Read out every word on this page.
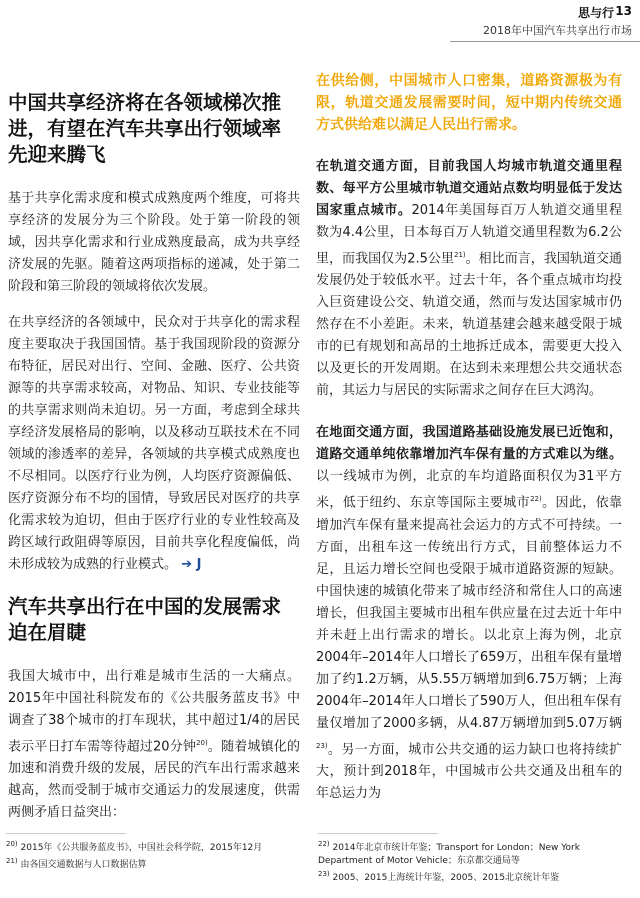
思与行 13
2018年中国汽车共享出行市场
中国共享经济将在各领域梯次推进，有望在汽车共享出行领域率先迎来腾飞

基于共享化需求度和模式成熟度两个维度，可将共享经济的发展分为三个阶段。处于第一阶段的领域，因共享化需求和行业成熟度最高，成为共享经济发展的先驱。随着这两项指标的递减，处于第二阶段和第三阶段的领域将依次发展。

在共享经济的各领域中，民众对于共享化的需求程度主要取决于我国国情。基于我国现阶段的资源分布特征，居民对出行、空间、金融、医疗、公共资源等的共享需求较高，对物品、知识、专业技能等的共享需求则尚未迫切。另一方面，考虑到全球共享经济发展格局的影响，以及移动互联技术在不同领域的渗透率的差异，各领域的共享模式成熟度也不尽相同。以医疗行业为例，人均医疗资源偏低、医疗资源分布不均的国情，导致居民对医疗的共享化需求较为迫切，但由于医疗行业的专业性较高及跨区域行政阻碍等原因，目前共享化程度偏低，尚未形成较为成熟的行业模式。 ➔ J

汽车共享出行在中国的发展需求迫在眉睫

我国大城市中，出行难是城市生活的一大痛点。2015年中国社科院发布的《公共服务蓝皮书》中调查了38个城市的打车现状，其中超过1/4的居民表示平日打车需等待超过20分钟$^{20)}$。随着城镇化的加速和消费升级的发展，居民的汽车出行需求越来越高，然而受制于城市交通运力的发展速度，供需两侧矛盾日益突出：

在供给侧，中国城市人口密集，道路资源极为有限，轨道交通发展需要时间，短中期内传统交通方式供给难以满足人民出行需求。

在轨道交通方面，目前我国人均城市轨道交通里程数、每平方公里城市轨道交通站点数均明显低于发达国家重点城市。2014年美国每百万人轨道交通里程数为4.4公里，日本每百万人轨道交通里程数为6.2公里，而我国仅为2.5公里$^{21)}$。相比而言，我国轨道交通发展仍处于较低水平。过去十年，各个重点城市均投入巨资建设公交、轨道交通，然而与发达国家城市仍然存在不小差距。未来，轨道基建会越来越受限于城市的已有规划和高昂的土地拆迁成本，需要更大投入以及更长的开发周期。在达到未来理想公共交通状态前，其运力与居民的实际需求之间存在巨大鸿沟。

在地面交通方面，我国道路基础设施发展已近饱和，道路交通单纯依靠增加汽车保有量的方式难以为继。以一线城市为例，北京的车均道路面积仅为31平方米，低于纽约、东京等国际主要城市$^{22)}$。因此，依靠增加汽车保有量来提高社会运力的方式不可持续。一方面，出租车这一传统出行方式，目前整体运力不足，且运力增长空间也受限于城市道路资源的短缺。中国快速的城镇化带来了城市经济和常住人口的高速增长，但我国主要城市出租车供应量在过去近十年中并未赶上出行需求的增长。以北京上海为例，北京2004年–2014年人口增长了659万，出租车保有量增加了约1.2万辆，从5.55万辆增加到6.75万辆；上海2004年–2014年人口增长了590万人，但出租车保有量仅增加了2000多辆，从4.87万辆增加到5.07万辆$^{23)}$。另一方面，城市公共交通的运力缺口也将持续扩大，预计到2018年，中国城市公共交通及出租车的年总运力为

$^{20)}$ 2015年《公共服务蓝皮书》，中国社会科学院，2015年12月
$^{21)}$ 由各国交通数据与人口数据估算
$^{22)}$ 2014年北京市统计年鉴；Transport for London；New York Department of Motor Vehicle；东京都交通局等
$^{23)}$ 2005、2015上海统计年鉴，2005、2015北京统计年鉴
